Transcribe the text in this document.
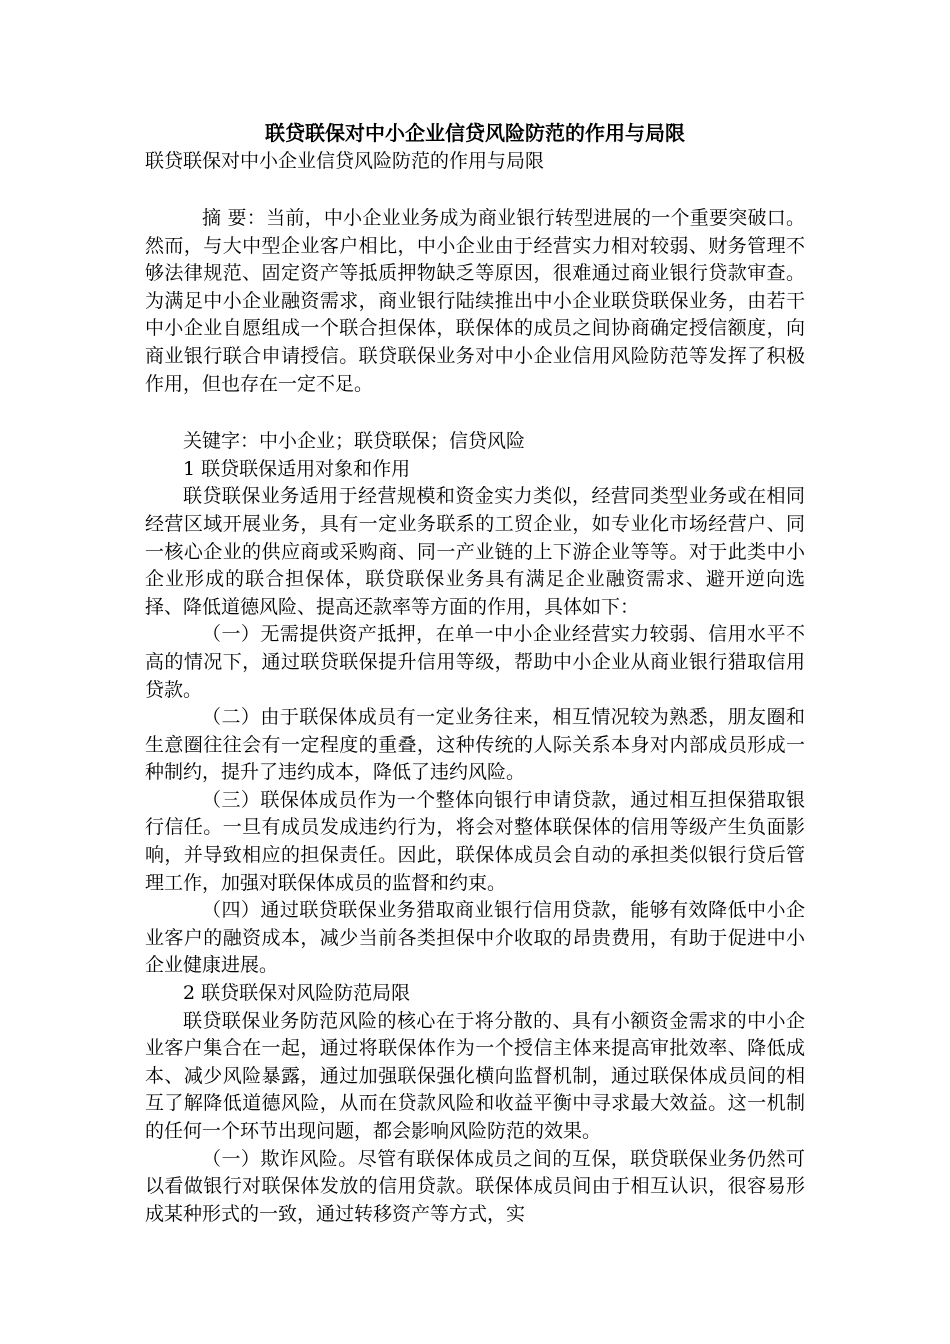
联贷联保对中小企业信贷风险防范的作用与局限

联贷联保对中小企业信贷风险防范的作用与局限

摘 要：当前，中小企业业务成为商业银行转型进展的一个重要突破口。然而，与大中型企业客户相比，中小企业由于经营实力相对较弱、财务管理不够法律规范、固定资产等抵质押物缺乏等原因，很难通过商业银行贷款审查。为满足中小企业融资需求，商业银行陆续推出中小企业联贷联保业务，由若干中小企业自愿组成一个联合担保体，联保体的成员之间协商确定授信额度，向商业银行联合申请授信。联贷联保业务对中小企业信用风险防范等发挥了积极作用，但也存在一定不足。

关键字：中小企业；联贷联保；信贷风险

1 联贷联保适用对象和作用

联贷联保业务适用于经营规模和资金实力类似，经营同类型业务或在相同经营区域开展业务，具有一定业务联系的工贸企业，如专业化市场经营户、同一核心企业的供应商或采购商、同一产业链的上下游企业等等。对于此类中小企业形成的联合担保体，联贷联保业务具有满足企业融资需求、避开逆向选择、降低道德风险、提高还款率等方面的作用，具体如下：

（一）无需提供资产抵押，在单一中小企业经营实力较弱、信用水平不高的情况下，通过联贷联保提升信用等级，帮助中小企业从商业银行猎取信用贷款。

（二）由于联保体成员有一定业务往来，相互情况较为熟悉，朋友圈和生意圈往往会有一定程度的重叠，这种传统的人际关系本身对内部成员形成一种制约，提升了违约成本，降低了违约风险。

（三）联保体成员作为一个整体向银行申请贷款，通过相互担保猎取银行信任。一旦有成员发成违约行为，将会对整体联保体的信用等级产生负面影响，并导致相应的担保责任。因此，联保体成员会自动的承担类似银行贷后管理工作，加强对联保体成员的监督和约束。

（四）通过联贷联保业务猎取商业银行信用贷款，能够有效降低中小企业客户的融资成本，减少当前各类担保中介收取的昂贵费用，有助于促进中小企业健康进展。

2 联贷联保对风险防范局限

联贷联保业务防范风险的核心在于将分散的、具有小额资金需求的中小企业客户集合在一起，通过将联保体作为一个授信主体来提高审批效率、降低成本、减少风险暴露，通过加强联保强化横向监督机制，通过联保体成员间的相互了解降低道德风险，从而在贷款风险和收益平衡中寻求最大效益。这一机制的任何一个环节出现问题，都会影响风险防范的效果。

（一）欺诈风险。尽管有联保体成员之间的互保，联贷联保业务仍然可以看做银行对联保体发放的信用贷款。联保体成员间由于相互认识，很容易形成某种形式的一致，通过转移资产等方式，实
